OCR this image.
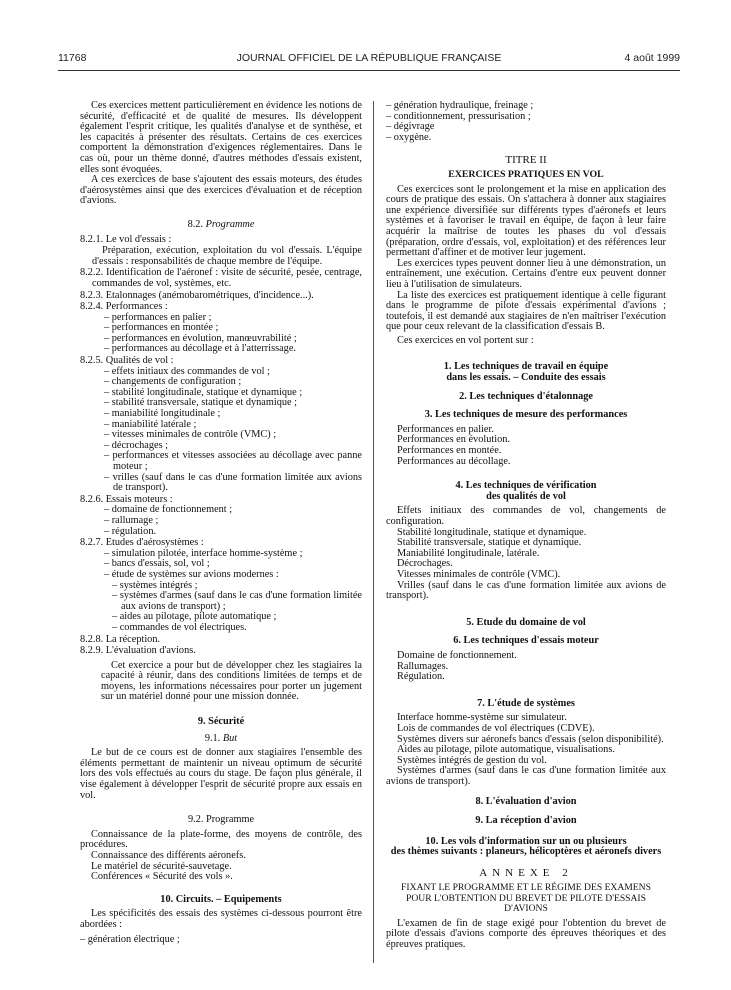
11768	JOURNAL OFFICIEL DE LA RÉPUBLIQUE FRANÇAISE	4 août 1999

Ces exercices mettent particulièrement en évidence les notions de sécurité, d'efficacité et de qualité de mesures. Ils développent également l'esprit critique, les qualités d'analyse et de synthèse, et les capacités à présenter des résultats. Certains de ces exercices comportent la démonstration d'exigences réglementaires. Dans le cas où, pour un thème donné, d'autres méthodes d'essais existent, elles sont évoquées.

A ces exercices de base s'ajoutent des essais moteurs, des études d'aérosystèmes ainsi que des exercices d'évaluation et de réception d'avions.

8.2. Programme

8.2.1. Le vol d'essais :

Préparation, exécution, exploitation du vol d'essais. L'équipe d'essais : responsabilités de chaque membre de l'équipe.

8.2.2. Identification de l'aéronef : visite de sécurité, pesée, centrage, commandes de vol, systèmes, etc.

8.2.3. Etalonnages (anémobarométriques, d'incidence...).

8.2.4. Performances :

– performances en palier ;

– performances en montée ;

– performances en évolution, manœuvrabilité ;

– performances au décollage et à l'atterrissage.

8.2.5. Qualités de vol :

– effets initiaux des commandes de vol ;

– changements de configuration ;

– stabilité longitudinale, statique et dynamique ;

– stabilité transversale, statique et dynamique ;

– maniabilité longitudinale ;

– maniabilité latérale ;

– vitesses minimales de contrôle (VMC) ;

– décrochages ;

– performances et vitesses associées au décollage avec panne moteur ;

– vrilles (sauf dans le cas d'une formation limitée aux avions de transport).

8.2.6. Essais moteurs :

– domaine de fonctionnement ;

– rallumage ;

– régulation.

8.2.7. Etudes d'aérosystèmes :

– simulation pilotée, interface homme-système ;

– bancs d'essais, sol, vol ;

– étude de systèmes sur avions modernes :

– systèmes intégrés ;

– systèmes d'armes (sauf dans le cas d'une formation limitée aux avions de transport) ;

– aides au pilotage, pilote automatique ;

– commandes de vol électriques.

8.2.8. La réception.

8.2.9. L'évaluation d'avions.

Cet exercice a pour but de développer chez les stagiaires la capacité à réunir, dans des conditions limitées de temps et de moyens, les informations nécessaires pour porter un jugement sur un matériel donné pour une mission donnée.

9. Sécurité

9.1. But

Le but de ce cours est de donner aux stagiaires l'ensemble des éléments permettant de maintenir un niveau optimum de sécurité lors des vols effectués au cours du stage. De façon plus générale, il vise également à développer l'esprit de sécurité propre aux essais en vol.

9.2. Programme

Connaissance de la plate-forme, des moyens de contrôle, des procédures.

Connaissance des différents aéronefs.

Le matériel de sécurité-sauvetage.

Conférences « Sécurité des vols ».

10. Circuits. – Equipements

Les spécificités des essais des systèmes ci-dessous pourront être abordées :

– génération électrique ;

– génération hydraulique, freinage ;

– conditionnement, pressurisation ;

– dégivrage

– oxygène.

TITRE II

EXERCICES PRATIQUES EN VOL

Ces exercices sont le prolongement et la mise en application des cours de pratique des essais. On s'attachera à donner aux stagiaires une expérience diversifiée sur différents types d'aéronefs et leurs systèmes et à favoriser le travail en équipe, de façon à leur faire acquérir la maîtrise de toutes les phases du vol d'essais (préparation, ordre d'essais, vol, exploitation) et des références leur permettant d'affiner et de motiver leur jugement.

Les exercices types peuvent donner lieu à une démonstration, un entraînement, une exécution. Certains d'entre eux peuvent donner lieu à l'utilisation de simulateurs.

La liste des exercices est pratiquement identique à celle figurant dans le programme de pilote d'essais expérimental d'avions ; toutefois, il est demandé aux stagiaires de n'en maîtriser l'exécution que pour ceux relevant de la classification d'essais B.

Ces exercices en vol portent sur :

1. Les techniques de travail en équipe

dans les essais. – Conduite des essais

2. Les techniques d'étalonnage

3. Les techniques de mesure des performances

Performances en palier.

Performances en évolution.

Performances en montée.

Performances au décollage.

4. Les techniques de vérification

des qualités de vol

Effets initiaux des commandes de vol, changements de configuration.

Stabilité longitudinale, statique et dynamique.

Stabilité transversale, statique et dynamique.

Maniabilité longitudinale, latérale.

Décrochages.

Vitesses minimales de contrôle (VMC).

Vrilles (sauf dans le cas d'une formation limitée aux avions de transport).

5. Etude du domaine de vol

6. Les techniques d'essais moteur

Domaine de fonctionnement.

Rallumages.

Régulation.

7. L'étude de systèmes

Interface homme-système sur simulateur.

Lois de commandes de vol électriques (CDVE).

Systèmes divers sur aéronefs bancs d'essais (selon disponibilité).

Aides au pilotage, pilote automatique, visualisations.

Systèmes intégrés de gestion du vol.

Systèmes d'armes (sauf dans le cas d'une formation limitée aux avions de transport).

8. L'évaluation d'avion

9. La réception d'avion

10. Les vols d'information sur un ou plusieurs

des thèmes suivants : planeurs, hélicoptères et aéronefs divers

ANNEXE 2

FIXANT LE PROGRAMME ET LE RÉGIME DES EXAMENS

POUR L'OBTENTION DU BREVET DE PILOTE D'ESSAIS D'AVIONS

L'examen de fin de stage exigé pour l'obtention du brevet de pilote d'essais d'avions comporte des épreuves théoriques et des épreuves pratiques.
